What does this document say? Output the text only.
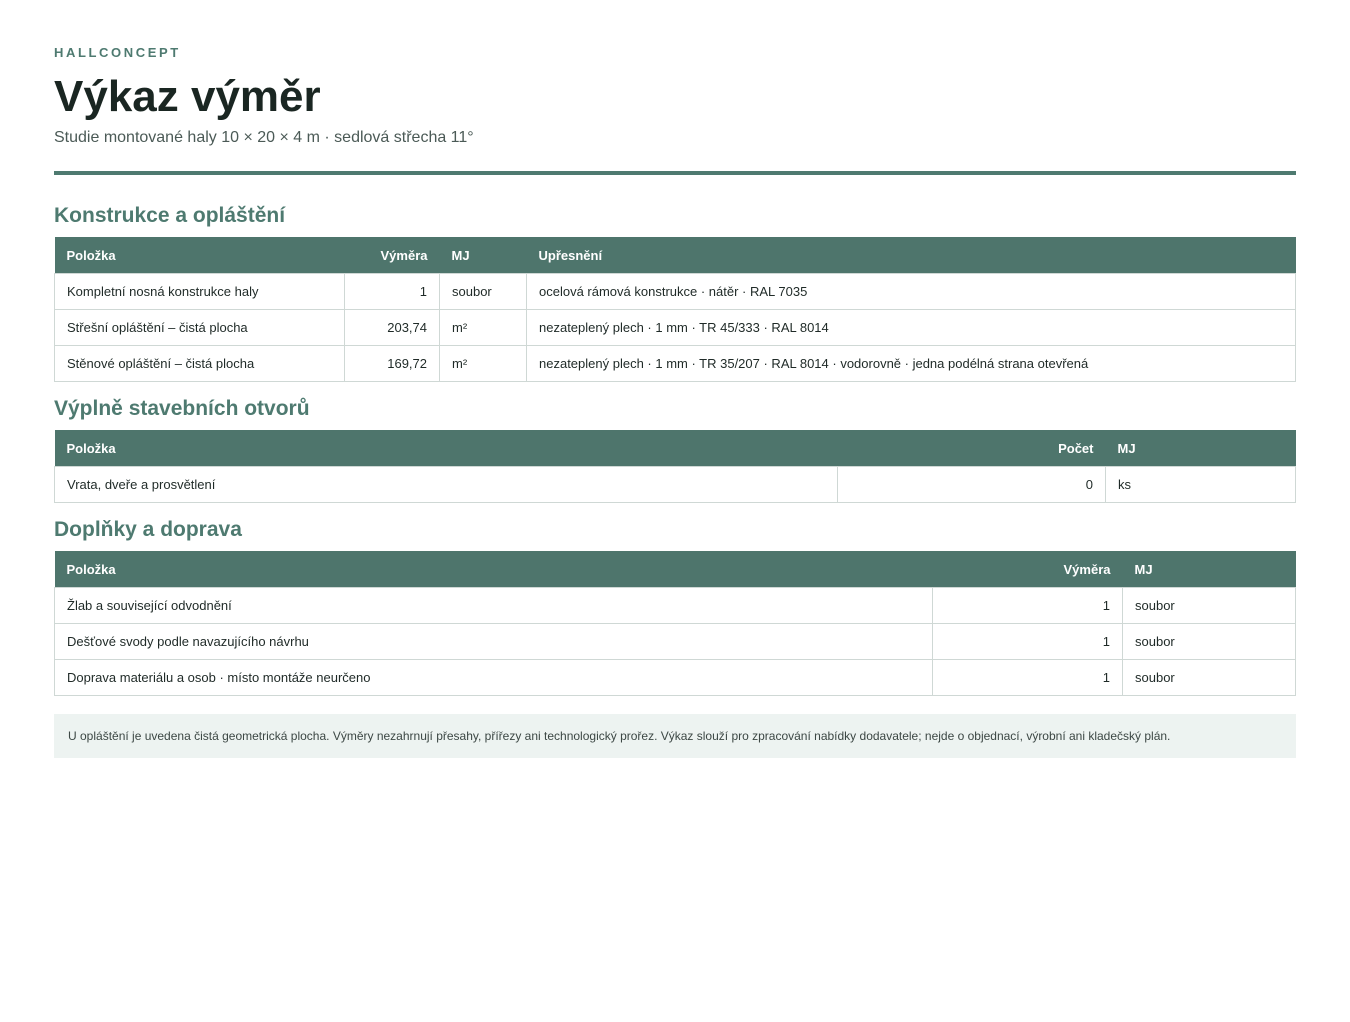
HALLCONCEPT

Výkaz výměr

Studie montované haly 10 × 20 × 4 m · sedlová střecha 11°

Konstrukce a opláštění
Položka	Výměra	MJ	Upřesnění
Kompletní nosná konstrukce haly	1	soubor	ocelová rámová konstrukce · nátěr · RAL 7035
Střešní opláštění – čistá plocha	203,74	m²	nezateplený plech · 1 mm · TR 45/333 · RAL 8014
Stěnové opláštění – čistá plocha	169,72	m²	nezateplený plech · 1 mm · TR 35/207 · RAL 8014 · vodorovně · jedna podélná strana otevřená
Výplně stavebních otvorů
Položka	Počet	MJ
Vrata, dveře a prosvětlení	0	ks
Doplňky a doprava
Položka	Výměra	MJ
Žlab a související odvodnění	1	soubor
Dešťové svody podle navazujícího návrhu	1	soubor
Doprava materiálu a osob · místo montáže neurčeno	1	soubor
U opláštění je uvedena čistá geometrická plocha. Výměry nezahrnují přesahy, přířezy ani technologický prořez. Výkaz slouží pro zpracování nabídky dodavatele; nejde o objednací, výrobní ani kladečský plán.
